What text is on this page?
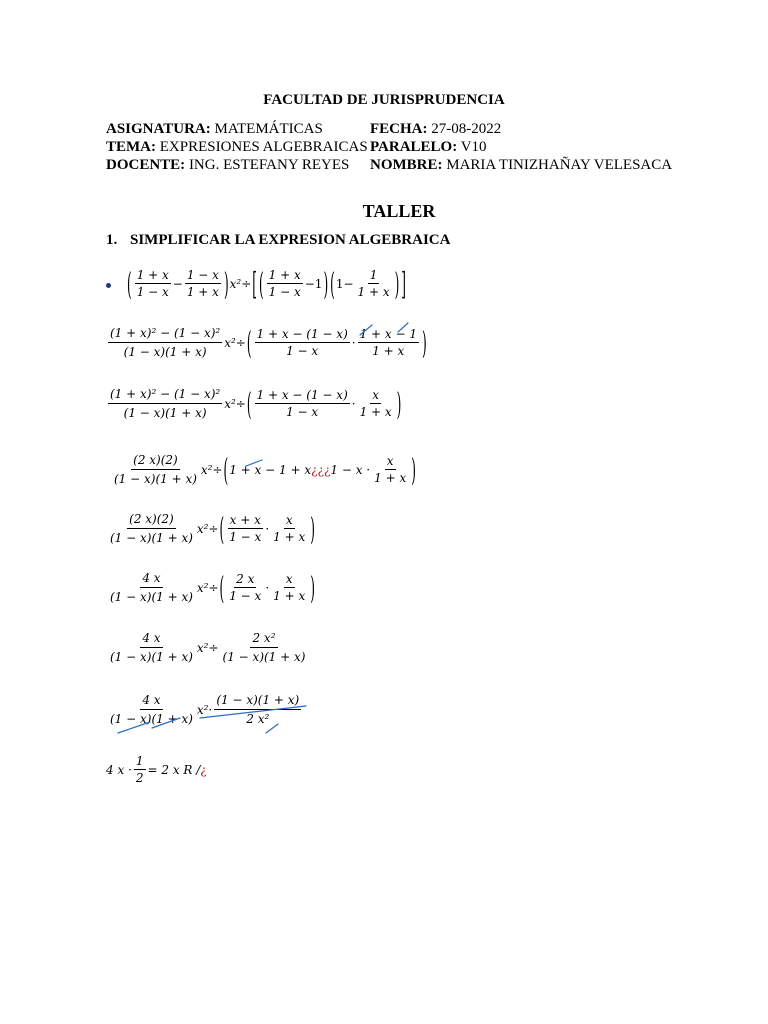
FACULTAD DE JURISPRUDENCIA
ASIGNATURA: MATEMÁTICAS	FECHA: 27-08-2022
TEMA: EXPRESIONES ALGEBRAICAS PARALELO: V10
DOCENTE: ING. ESTEFANY REYES NOMBRE: MARIA TINIZHAÑAY VELESACA
TALLER
1. SIMPLIFICAR LA EXPRESION ALGEBRAICA
( $\frac{1 + x}{1 - x} - \frac{1 - x}{1 + x}$ ) x² ÷ [ ( $\frac{1 + x}{1 - x} -1$ ) ( $1- \frac{1}{1 + x}$ ) ]
$\frac{\text{(1 + x)² − (1 − x)²}}{(1 - x)(1 + x)} x^2$ ÷ ( $\frac{1 + x - (1 - x)}{1 - x} \cdot \frac{1 + x - 1}{1 + x}$ )
$\frac{\text{(1 + x)² − (1 − x)²}}{(1 - x)(1 + x)} x^2$ ÷ ( $\frac{1 + x - (1 - x)}{1 - x} \cdot \frac{x}{1 + x}$ )
$\frac{(2 x)(2)}{(1 - x)(1 + x)} x^2$ ÷ ( 1 + x − 1 + x ¿¿¿ $1 - x \cdot \frac{x}{1 + x}$ )
$\frac{(2 x)(2)}{(1 - x)(1 + x)} x^2$ ÷ ( $\frac{x + x}{1 - x} \cdot \frac{x}{1 + x}$ )
$\frac{4 x}{(1 - x)(1 + x)} x^2$ ÷ ( $\frac{2 x}{1 - x} \cdot \frac{x}{1 + x}$ )
$\frac{4 x}{(1 - x)(1 + x)} x^2 \div \frac{\text{2 x²}}{(1 - x)(1 + x)}$
$\frac{4 x}{(1 - x)(1 + x)} x^2 \cdot \frac{(1 - x)(1 + x)}{\text{2 x²}}$
4 $x \cdot \frac{1}{2} = 2$ x R / ¿
